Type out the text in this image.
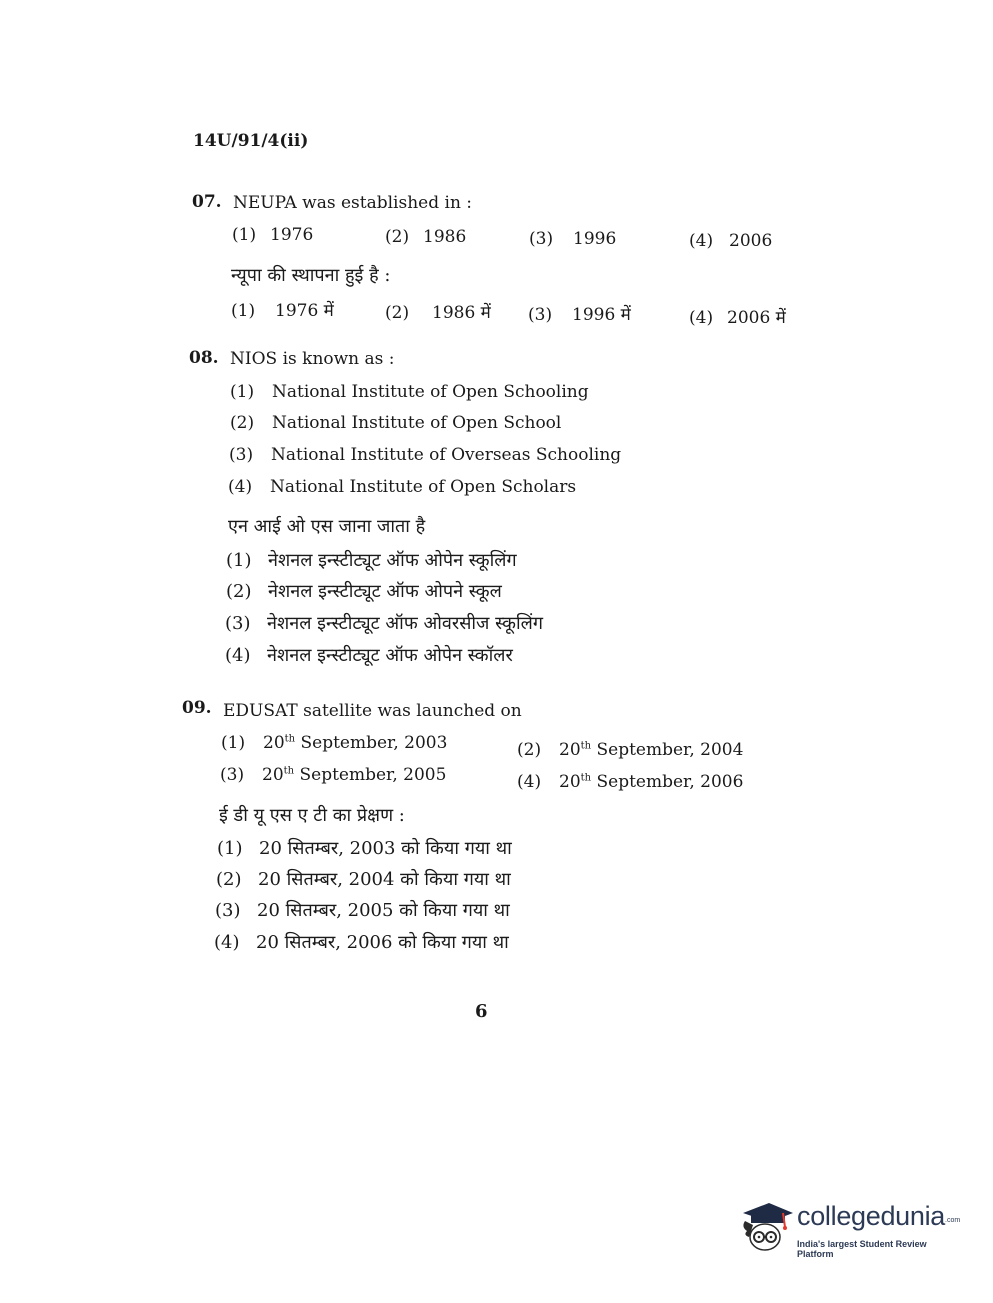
14U/91/4(ii)
07. NEUPA was established in :
(1) 1976	(2) 1986	(3) 1996	(4) 2006
न्यूपा की स्थापना हुई है :
(1) 1976 में	(2) 1986 में (3) 1996 में	(4) 2006 में
08. NIOS is known as :
(1) National Institute of Open Schooling
(2) National Institute of Open School
(3) National Institute of Overseas Schooling
(4) National Institute of Open Scholars
एन आई ओ एस जाना जाता है
(1) नेशनल इन्स्टीट्यूट ऑफ ओपेन स्कूलिंग
(2) नेशनल इन्स्टीट्यूट ऑफ ओपने स्कूल
(3) नेशनल इन्स्टीट्यूट ऑफ ओवरसीज स्कूलिंग
(4) नेशनल इन्स्टीट्यूट ऑफ ओपेन स्कॉलर
09. EDUSAT satellite was launched on
(1) 20th September, 2003	(2) 20th September, 2004
(3) 20th September, 2005	(4) 20th September, 2006
ई डी यू एस ए टी का प्रेक्षण :
(1) 20 सितम्बर, 2003 को किया गया था
(2) 20 सितम्बर, 2004 को किया गया था
(3) 20 सितम्बर, 2005 को किया गया था
(4) 20 सितम्बर, 2006 को किया गया था
6
collegedunia .com
India's largest Student Review Platform
